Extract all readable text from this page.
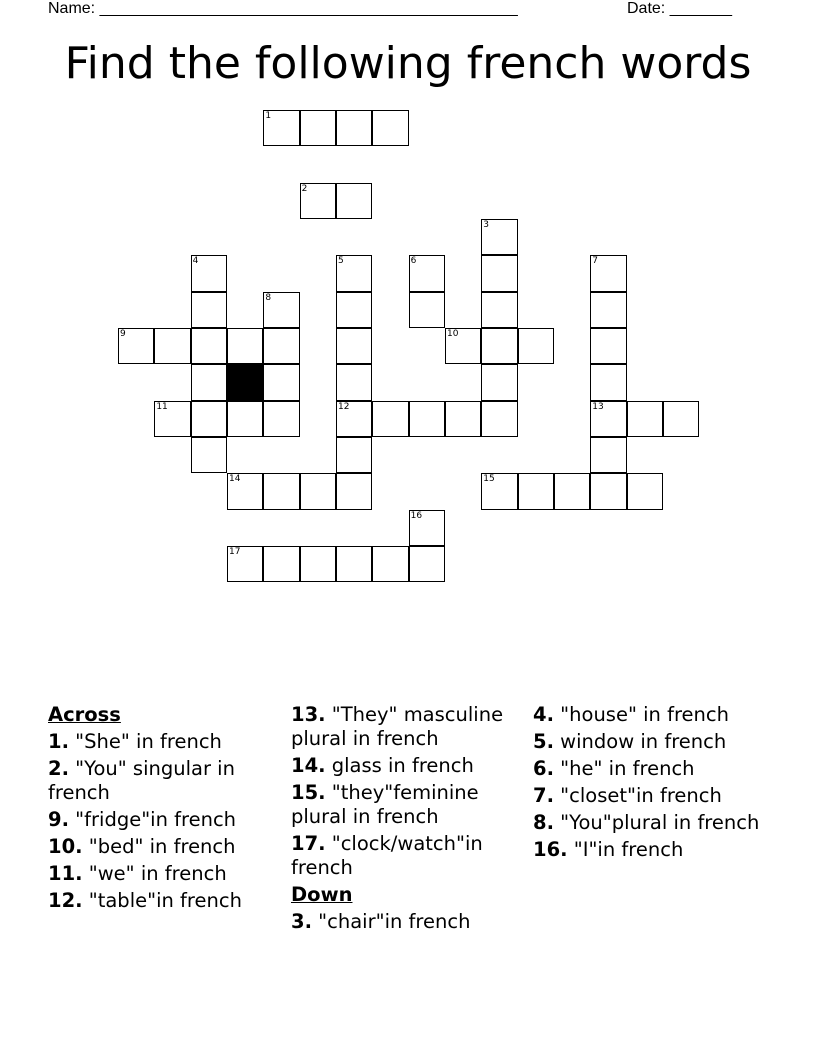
Name: _______________________________________________	Date: _______
Find the following french words
1
2
3
4	5	6	7
8
9	10
11	12	13
14	15
16
17
Across
1. "She" in french
2. "You" singular in french
9. "fridge"in french
10. "bed" in french
11. "we" in french
12. "table"in french
13. "They" masculine plural in french
14. glass in french
15. "they"feminine plural in french
17. "clock/watch"in french
Down
3. "chair"in french
4. "house" in french
5. window in french
6. "he" in french
7. "closet"in french
8. "You"plural in french
16. "I"in french
